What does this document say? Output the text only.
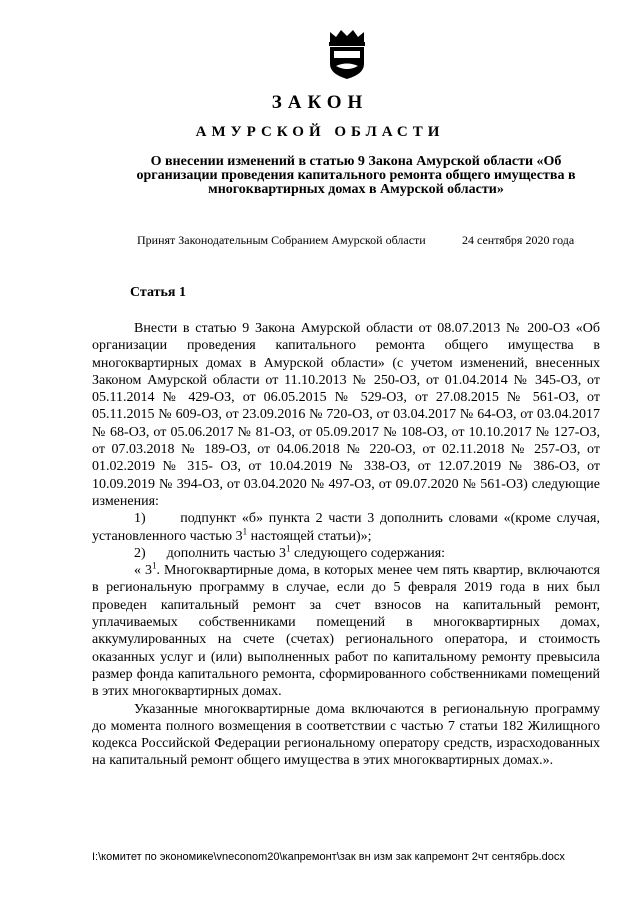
ЗАКОН
АМУРСКОЙ ОБЛАСТИ
О внесении изменений в статью 9 Закона Амурской области «Об организации проведения капитального ремонта общего имущества в многоквартирных домах в Амурской области»
Принят Законодательным Собранием Амурской области	24 сентября 2020 года
Статья 1

Внести в статью 9 Закона Амурской области от 08.07.2013 № 200-ОЗ «Об организации проведения капитального ремонта общего имущества в многоквартирных домах в Амурской области» (с учетом изменений, внесенных Законом Амурской области от 11.10.2013 № 250-ОЗ, от 01.04.2014 № 345-ОЗ, от 05.11.2014 № 429-ОЗ, от 06.05.2015 № 529-ОЗ, от 27.08.2015 № 561-ОЗ, от 05.11.2015 № 609-ОЗ, от 23.09.2016 № 720-ОЗ, от 03.04.2017 № 64-ОЗ, от 03.04.2017 № 68-ОЗ, от 05.06.2017 № 81-ОЗ, от 05.09.2017 № 108-ОЗ, от 10.10.2017 № 127-ОЗ, от 07.03.2018 № 189-ОЗ, от 04.06.2018 № 220-ОЗ, от 02.11.2018 № 257-ОЗ, от 01.02.2019 № 315- ОЗ, от 10.04.2019 № 338-ОЗ, от 12.07.2019 № 386-ОЗ, от 10.09.2019 № 394-ОЗ, от 03.04.2020 № 497-ОЗ, от 09.07.2020 № 561-ОЗ) следующие изменения:

1) подпункт «б» пункта 2 части 3 дополнить словами «(кроме случая, установленного частью $3^1$ настоящей статьи)»;

2) дополнить частью $3^1$ следующего содержания:

« $3^1$. Многоквартирные дома, в которых менее чем пять квартир, включаются в региональную программу в случае, если до 5 февраля 2019 года в них был проведен капитальный ремонт за счет взносов на капитальный ремонт, уплачиваемых собственниками помещений в многоквартирных домах, аккумулированных на счете (счетах) регионального оператора, и стоимость оказанных услуг и (или) выполненных работ по капитальному ремонту превысила размер фонда капитального ремонта, сформированного собственниками помещений в этих многоквартирных домах.

Указанные многоквартирные дома включаются в региональную программу до момента полного возмещения в соответствии с частью 7 статьи 182 Жилищного кодекса Российской Федерации региональному оператору средств, израсходованных на капитальный ремонт общего имущества в этих многоквартирных домах.».

I:\комитет по экономике\vneconom20\капремонт\зак вн изм зак капремонт 2чт сентябрь.docx
